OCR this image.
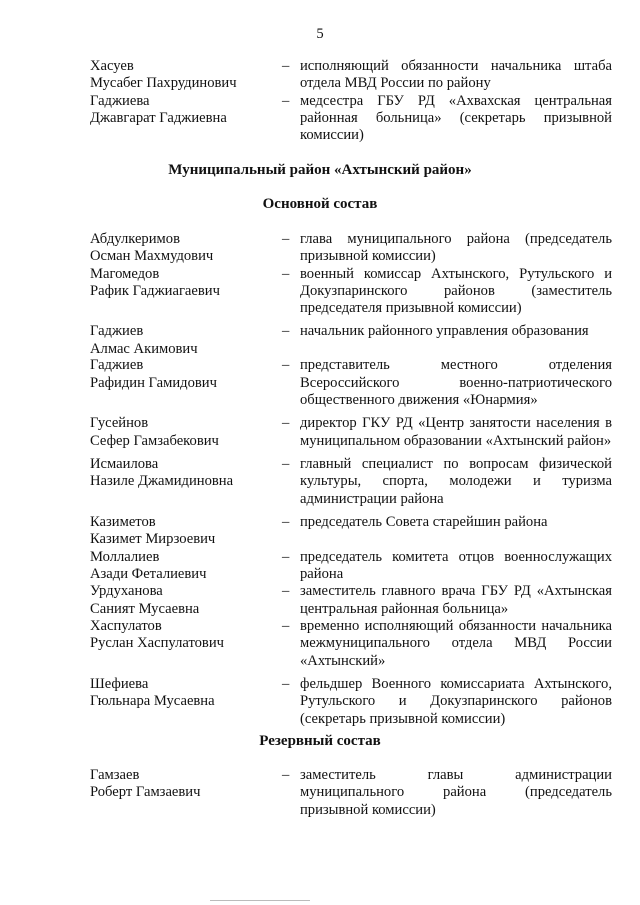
5
Хасуев
Мусабег Пахрудинович
– исполняющий обязанности начальника штаба отдела МВД России по району
Гаджиева
Джавгарат Гаджиевна
– медсестра ГБУ РД «Ахвахская центральная районная больница» (секретарь призывной комиссии)
Муниципальный район «Ахтынский район»
Основной состав
Абдулкеримов
Осман Махмудович
– глава муниципального района (председатель призывной комиссии)
Магомедов
Рафик Гаджиагаевич
– военный комиссар Ахтынского, Рутульского и Докузпаринского районов (заместитель председателя призывной комиссии)
Гаджиев
Алмас Акимович
– начальник районного управления образования
Гаджиев
Рафидин Гамидович
– представитель местного отделения Всероссийского военно-патриотического общественного движения «Юнармия»
Гусейнов
Сефер Гамзабекович
– директор ГКУ РД «Центр занятости населения в муниципальном образовании «Ахтынский район»
Исмаилова
Назиле Джамидиновна
– главный специалист по вопросам физической культуры, спорта, молодежи и туризма администрации района
Казиметов
Казимет Мирзоевич
– председатель Совета старейшин района
Моллалиев
Азади Феталиевич
– председатель комитета отцов военнослужащих района
Урдуханова
Саният Мусаевна
– заместитель главного врача ГБУ РД «Ахтынская центральная районная больница»
Хаспулатов
Руслан Хаспулатович
– временно исполняющий обязанности начальника межмуниципального отдела МВД России «Ахтынский»
Шефиева
Гюльнара Мусаевна
– фельдшер Военного комиссариата Ахтынского, Рутульского и Докузпаринского районов (секретарь призывной комиссии)
Резервный состав
Гамзаев
Роберт Гамзаевич
– заместитель главы администрации муниципального района (председатель призывной комиссии)
